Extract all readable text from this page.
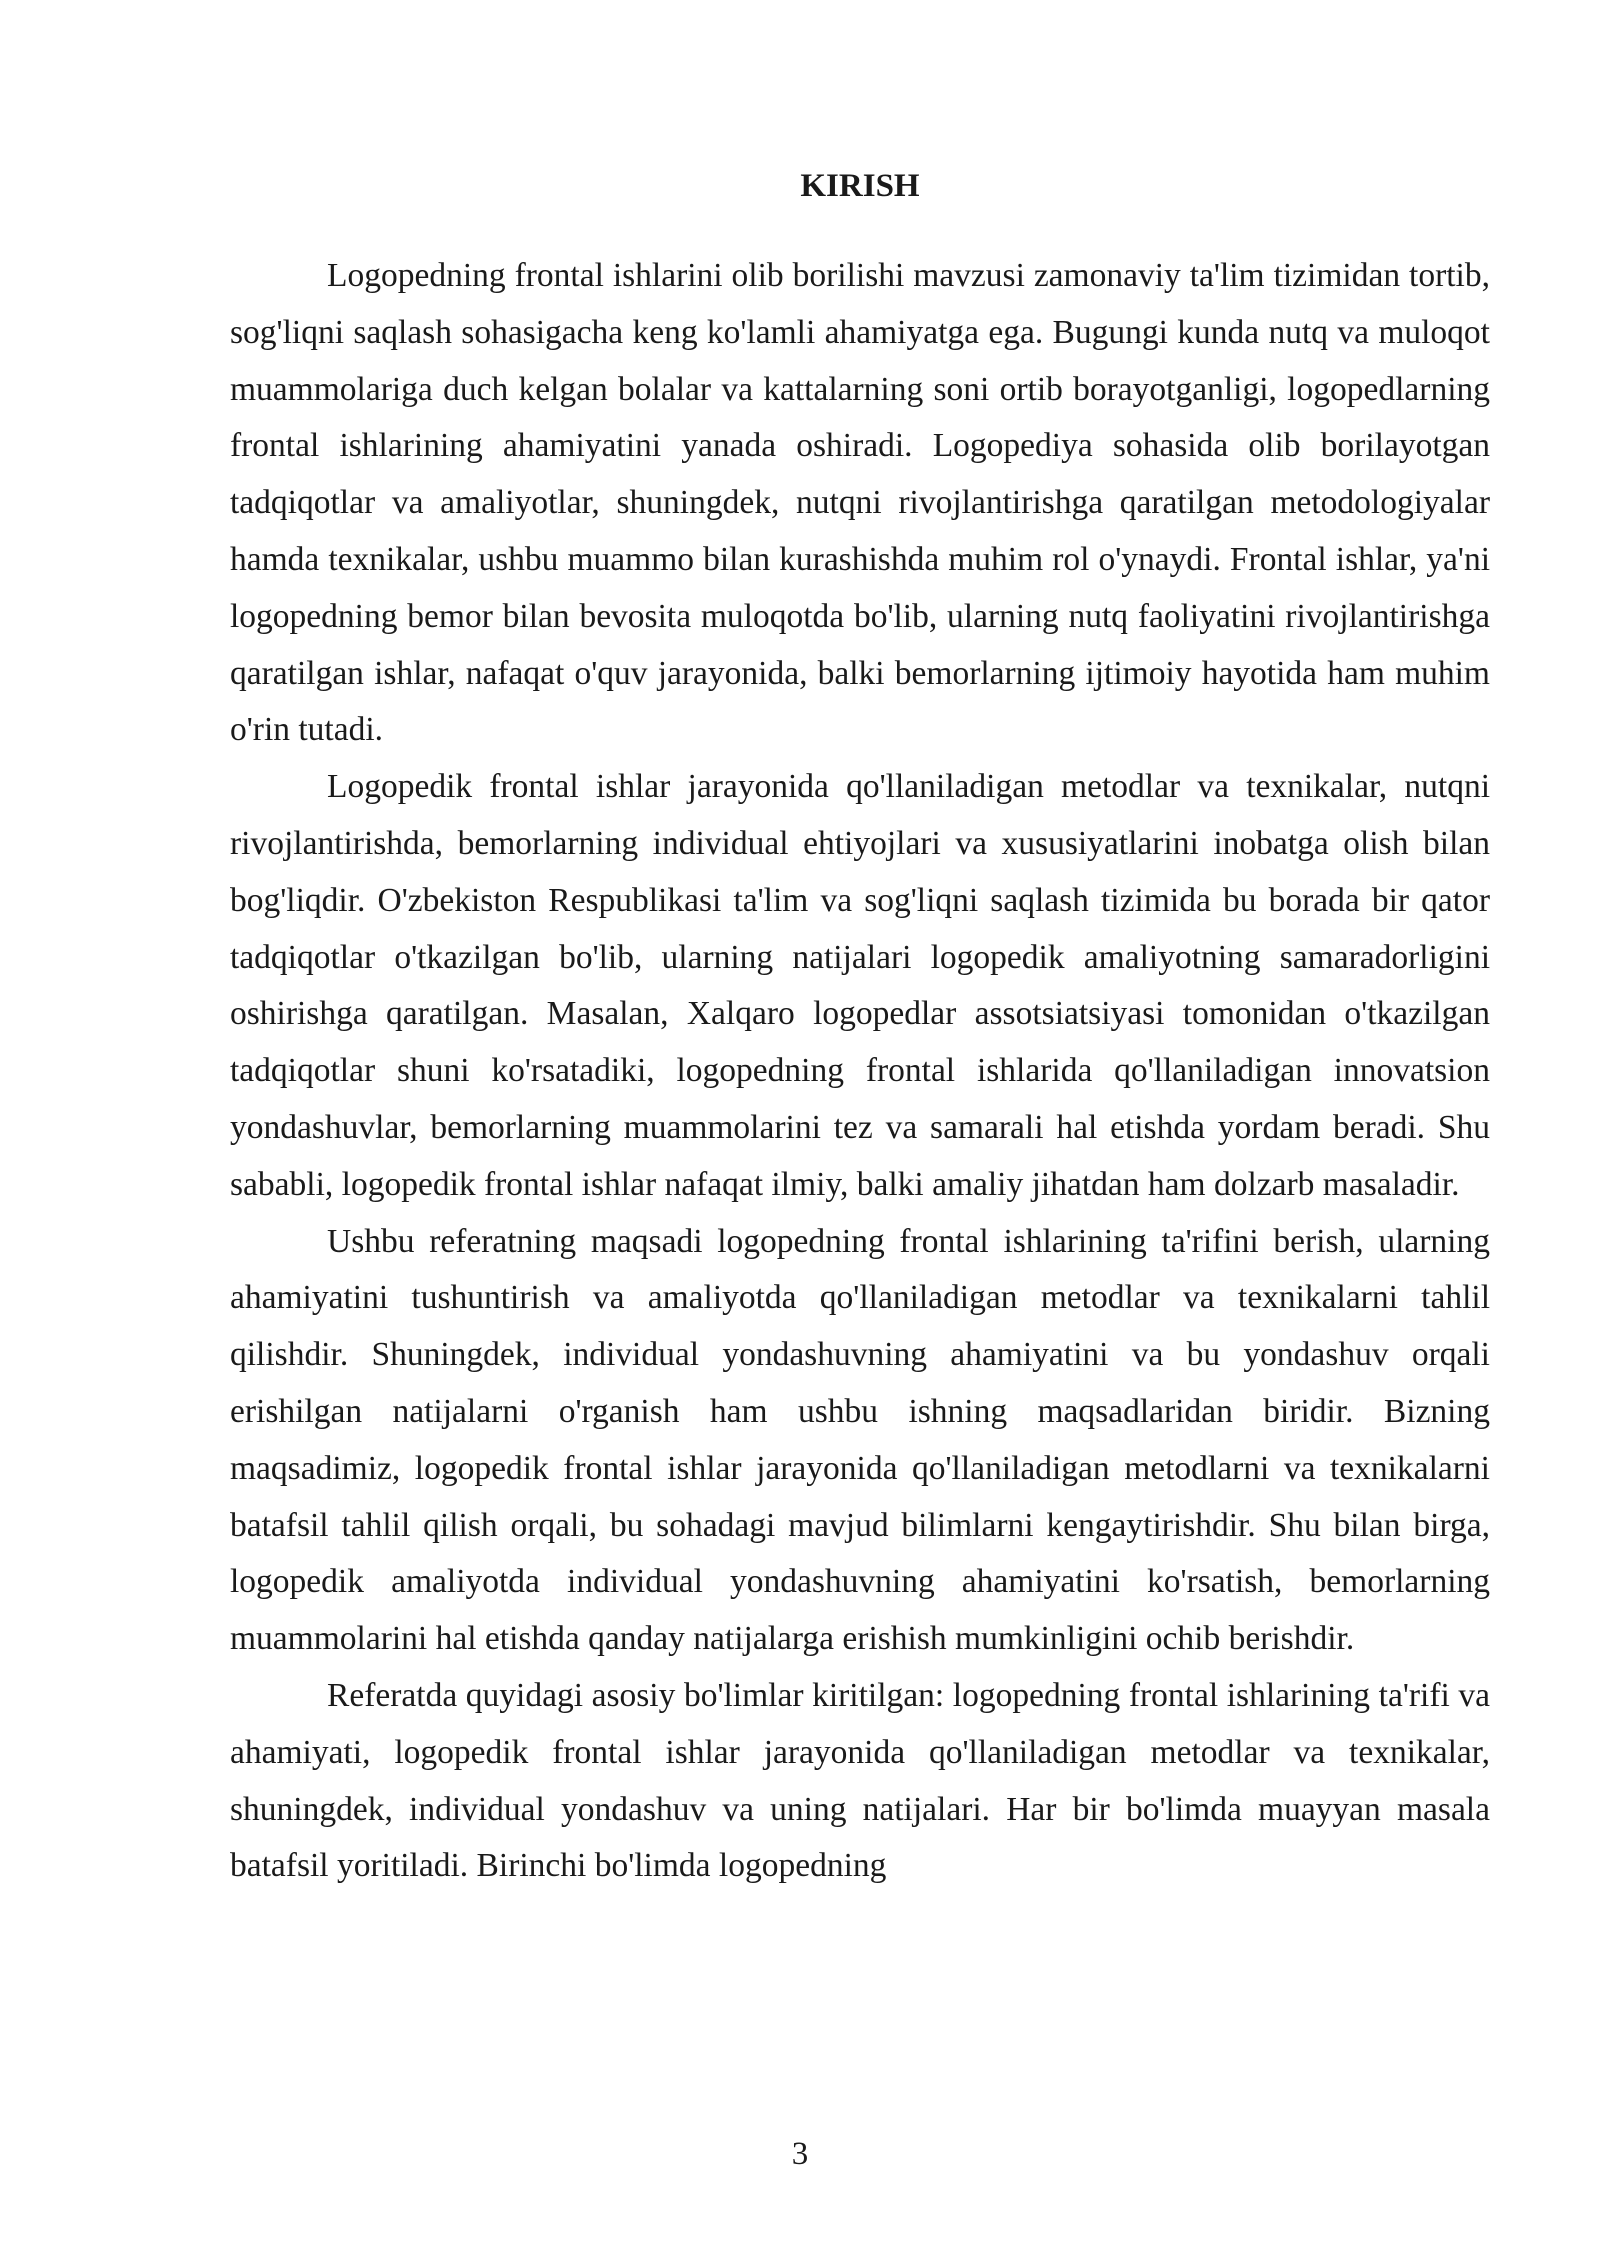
KIRISH

Logopedning frontal ishlarini olib borilishi mavzusi zamonaviy ta'lim tizimidan tortib, sog'liqni saqlash sohasigacha keng ko'lamli ahamiyatga ega. Bugungi kunda nutq va muloqot muammolariga duch kelgan bolalar va kattalarning soni ortib borayotganligi, logopedlarning frontal ishlarining ahamiyatini yanada oshiradi. Logopediya sohasida olib borilayotgan tadqiqotlar va amaliyotlar, shuningdek, nutqni rivojlantirishga qaratilgan metodologiyalar hamda texnikalar, ushbu muammo bilan kurashishda muhim rol o'ynaydi. Frontal ishlar, ya'ni logopedning bemor bilan bevosita muloqotda bo'lib, ularning nutq faoliyatini rivojlantirishga qaratilgan ishlar, nafaqat o'quv jarayonida, balki bemorlarning ijtimoiy hayotida ham muhim o'rin tutadi.

Logopedik frontal ishlar jarayonida qo'llaniladigan metodlar va texnikalar, nutqni rivojlantirishda, bemorlarning individual ehtiyojlari va xususiyatlarini inobatga olish bilan bog'liqdir. O'zbekiston Respublikasi ta'lim va sog'liqni saqlash tizimida bu borada bir qator tadqiqotlar o'tkazilgan bo'lib, ularning natijalari logopedik amaliyotning samaradorligini oshirishga qaratilgan. Masalan, Xalqaro logopedlar assotsiatsiyasi tomonidan o'tkazilgan tadqiqotlar shuni ko'rsatadiki, logopedning frontal ishlarida qo'llaniladigan innovatsion yondashuvlar, bemorlarning muammolarini tez va samarali hal etishda yordam beradi. Shu sababli, logopedik frontal ishlar nafaqat ilmiy, balki amaliy jihatdan ham dolzarb masaladir.

Ushbu referatning maqsadi logopedning frontal ishlarining ta'rifini berish, ularning ahamiyatini tushuntirish va amaliyotda qo'llaniladigan metodlar va texnikalarni tahlil qilishdir. Shuningdek, individual yondashuvning ahamiyatini va bu yondashuv orqali erishilgan natijalarni o'rganish ham ushbu ishning maqsadlaridan biridir. Bizning maqsadimiz, logopedik frontal ishlar jarayonida qo'llaniladigan metodlarni va texnikalarni batafsil tahlil qilish orqali, bu sohadagi mavjud bilimlarni kengaytirishdir. Shu bilan birga, logopedik amaliyotda individual yondashuvning ahamiyatini ko'rsatish, bemorlarning muammolarini hal etishda qanday natijalarga erishish mumkinligini ochib berishdir.

Referatda quyidagi asosiy bo'limlar kiritilgan: logopedning frontal ishlarining ta'rifi va ahamiyati, logopedik frontal ishlar jarayonida qo'llaniladigan metodlar va texnikalar, shuningdek, individual yondashuv va uning natijalari. Har bir bo'limda muayyan masala batafsil yoritiladi. Birinchi bo'limda logopedning

3
